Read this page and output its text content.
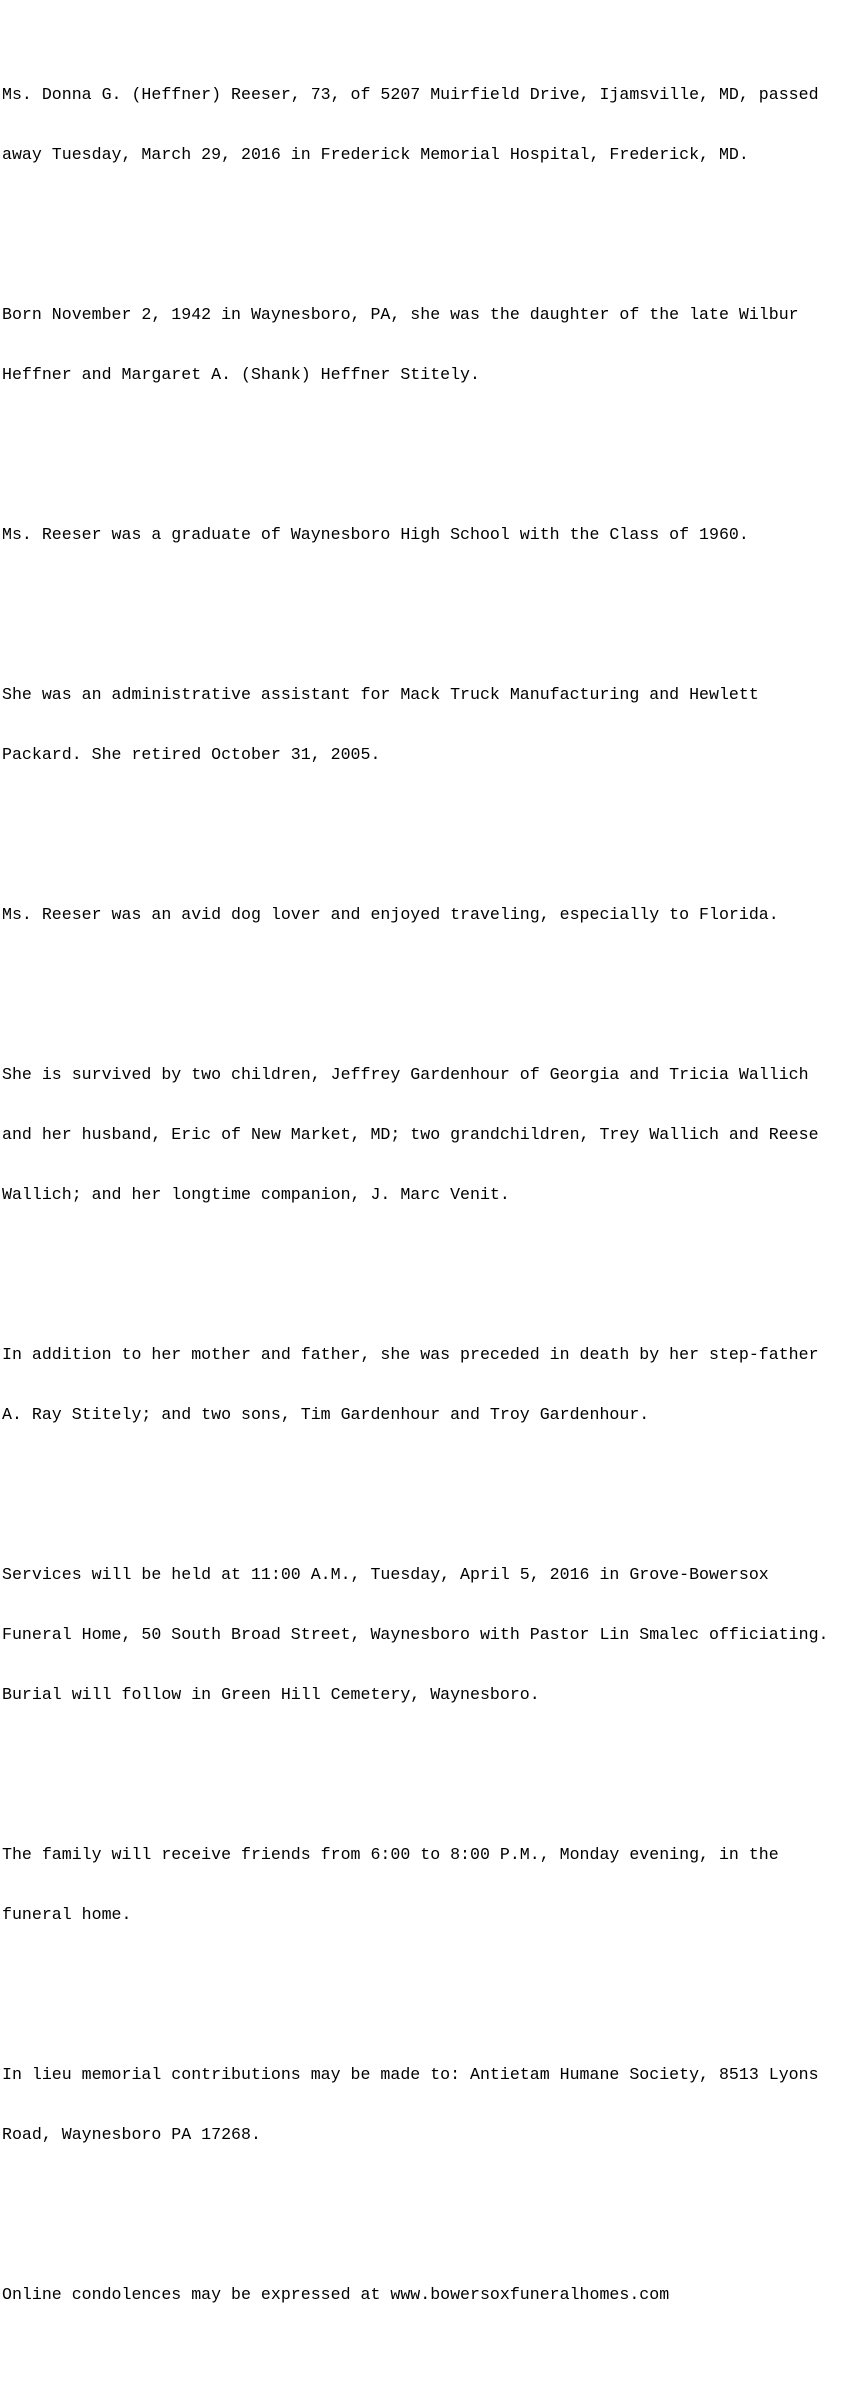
Ms. Donna G. (Heffner) Reeser, 73, of 5207 Muirfield Drive, Ijamsville, MD, passed

away Tuesday, March 29, 2016 in Frederick Memorial Hospital, Frederick, MD.

Born November 2, 1942 in Waynesboro, PA, she was the daughter of the late Wilbur

Heffner and Margaret A. (Shank) Heffner Stitely.

Ms. Reeser was a graduate of Waynesboro High School with the Class of 1960.

She was an administrative assistant for Mack Truck Manufacturing and Hewlett

Packard. She retired October 31, 2005.

Ms. Reeser was an avid dog lover and enjoyed traveling, especially to Florida.

She is survived by two children, Jeffrey Gardenhour of Georgia and Tricia Wallich

and her husband, Eric of New Market, MD; two grandchildren, Trey Wallich and Reese

Wallich; and her longtime companion, J. Marc Venit.

In addition to her mother and father, she was preceded in death by her step-father

A. Ray Stitely; and two sons, Tim Gardenhour and Troy Gardenhour.

Services will be held at 11:00 A.M., Tuesday, April 5, 2016 in Grove-Bowersox

Funeral Home, 50 South Broad Street, Waynesboro with Pastor Lin Smalec officiating.

Burial will follow in Green Hill Cemetery, Waynesboro.

The family will receive friends from 6:00 to 8:00 P.M., Monday evening, in the

funeral home.

In lieu memorial contributions may be made to: Antietam Humane Society, 8513 Lyons

Road, Waynesboro PA 17268.

Online condolences may be expressed at www.bowersoxfuneralhomes.com
